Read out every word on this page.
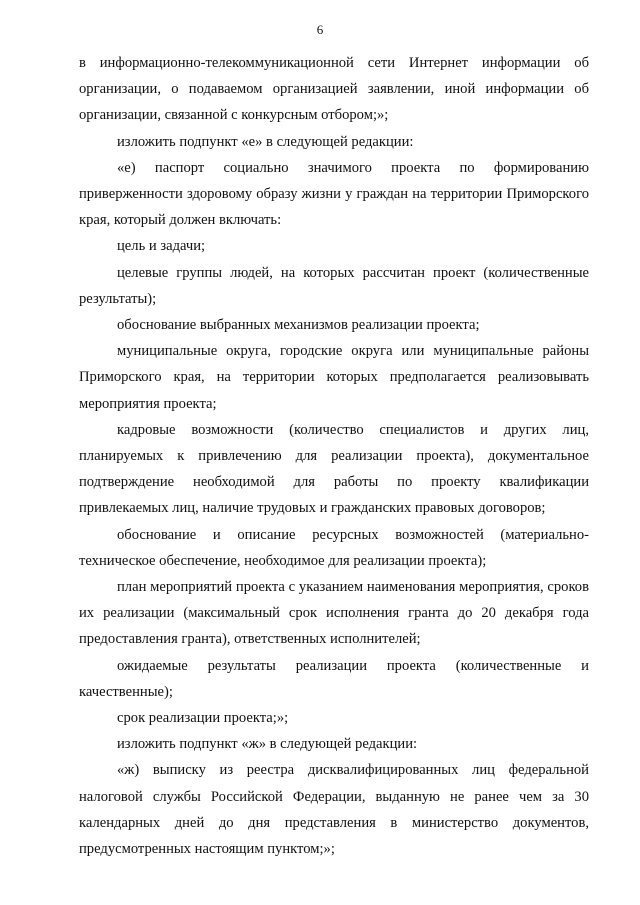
6

в информационно-телекоммуникационной сети Интернет информации об организации, о подаваемом организацией заявлении, иной информации об организации, связанной с конкурсным отбором;»;

изложить подпункт «е» в следующей редакции:

«е) паспорт социально значимого проекта по формированию приверженности здоровому образу жизни у граждан на территории Приморского края, который должен включать:

цель и задачи;

целевые группы людей, на которых рассчитан проект (количественные результаты);

обоснование выбранных механизмов реализации проекта;

муниципальные округа, городские округа или муниципальные районы Приморского края, на территории которых предполагается реализовывать мероприятия проекта;

кадровые возможности (количество специалистов и других лиц, планируемых к привлечению для реализации проекта), документальное подтверждение необходимой для работы по проекту квалификации привлекаемых лиц, наличие трудовых и гражданских правовых договоров;

обоснование и описание ресурсных возможностей (материально-техническое обеспечение, необходимое для реализации проекта);

план мероприятий проекта с указанием наименования мероприятия, сроков их реализации (максимальный срок исполнения гранта до 20 декабря года предоставления гранта), ответственных исполнителей;

ожидаемые результаты реализации проекта (количественные и качественные);

срок реализации проекта;»;

изложить подпункт «ж» в следующей редакции:

«ж) выписку из реестра дисквалифицированных лиц федеральной налоговой службы Российской Федерации, выданную не ранее чем за 30 календарных дней до дня представления в министерство документов, предусмотренных настоящим пунктом;»;
